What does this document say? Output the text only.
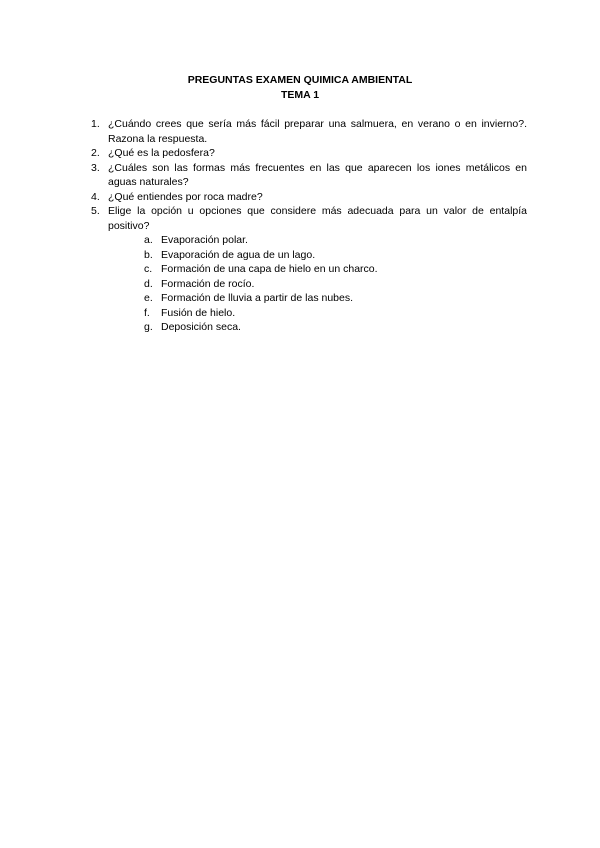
PREGUNTAS EXAMEN QUIMICA AMBIENTAL
TEMA 1
1. ¿Cuándo crees que sería más fácil preparar una salmuera, en verano o en invierno?. Razona la respuesta.
2. ¿Qué es la pedosfera?
3. ¿Cuáles son las formas más frecuentes en las que aparecen los iones metálicos en aguas naturales?
4. ¿Qué entiendes por roca madre?
5. Elige la opción u opciones que considere más adecuada para un valor de entalpía positivo?
a. Evaporación polar.
b. Evaporación de agua de un lago.
c. Formación de una capa de hielo en un charco.
d. Formación de rocío.
e. Formación de lluvia a partir de las nubes.
f. Fusión de hielo.
g. Deposición seca.
